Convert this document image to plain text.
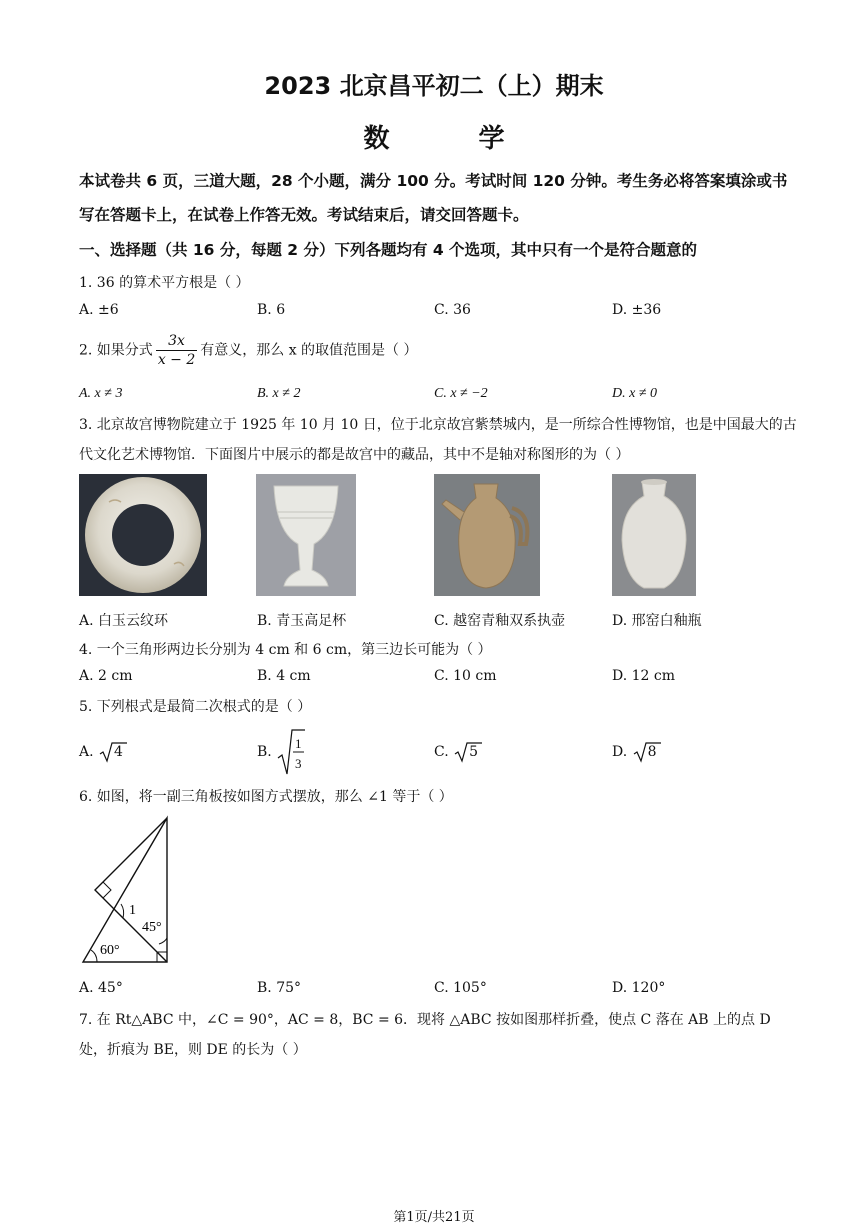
2023 北京昌平初二（上）期末
数 学
本试卷共 6 页，三道大题，28 个小题，满分 100 分。考试时间 120 分钟。考生务必将答案填涂或书写在答题卡上，在试卷上作答无效。考试结束后，请交回答题卡。
一、选择题（共 16 分，每题 2 分）下列各题均有 4 个选项，其中只有一个是符合题意的
1. 36 的算术平方根是（ ）
A. ±6	B. 6	C. 36	D. ±36
2. 如果分式 $\frac{3x}{x - 2}$ 有意义，那么 x 的取值范围是（ ）
A. x ≠ 3	B. x ≠ 2	C. x ≠ −2	D. x ≠ 0
3. 北京故宫博物院建立于 1925 年 10 月 10 日，位于北京故宫紫禁城内，是一所综合性博物馆，也是中国最大的古代文化艺术博物馆．下面图片中展示的都是故宫中的藏品，其中不是轴对称图形的为（ ）
A. 白玉云纹环	B. 青玉高足杯	C. 越窑青釉双系执壶	D. 邢窑白釉瓶
4. 一个三角形两边长分别为 4 cm 和 6 cm，第三边长可能为（ ）
A. 2 cm	B. 4 cm	C. 10 cm	D. 12 cm
5. 下列根式是最简二次根式的是（ ）
A. 4	B.
1
3
C. 5	D. 8
6. 如图，将一副三角板按如图方式摆放，那么 ∠1 等于（ ）
1
45°
60°
A. 45°	B. 75°	C. 105°	D. 120°
7. 在 Rt△ABC 中，∠C = 90°，AC = 8，BC = 6．现将 △ABC 按如图那样折叠，使点 C 落在 AB 上的点 D 处，折痕为 BE，则 DE 的长为（ ）
第1页/共21页
